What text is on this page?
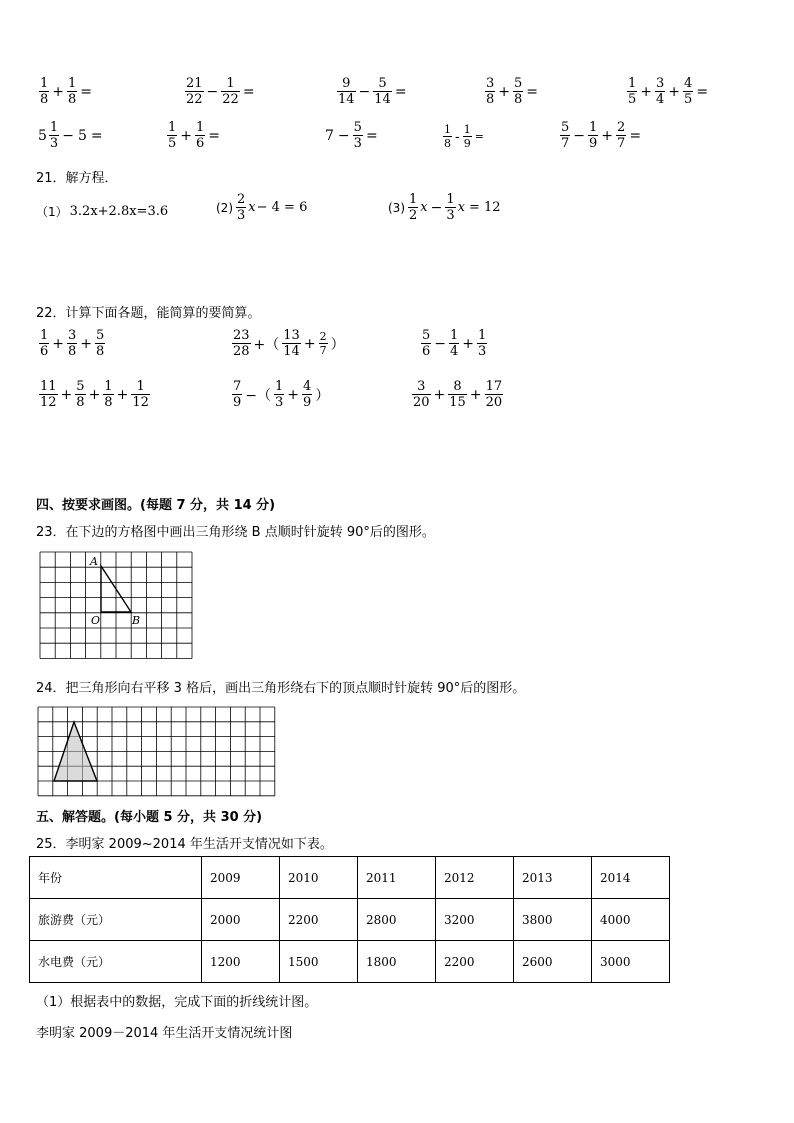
$\frac{1}{8} + \frac{1}{8}$ =	$\frac{21}{22} - \frac{1}{22}$ =	$\frac{9}{14} - \frac{5}{14}$ =	$\frac{3}{8} + \frac{5}{8}$ =	$\frac{1}{5} + \frac{3}{4} + \frac{4}{5}$ =
$5 \frac{1}{3} - 5$ =	$\frac{1}{5} + \frac{1}{6}$ =	$7 - \frac{5}{3}$ =	$\frac{1}{8} - \frac{1}{9}$ =	$\frac{5}{7} - \frac{1}{9} + \frac{2}{7}$ =
21．解方程．
（1） 3.2x+2.8x=3.6	$(2) \frac{2}{3}$ x − 4 = 6	$(3) \frac{1}{2}$ $x - \frac{1}{3}$ x = 12
22．计算下面各题，能简算的要简算。
$\frac{1}{6} + \frac{3}{8} + \frac{5}{8}$	$\frac{23}{28}$ +（ $\frac{13}{14} + \frac{2}{7}$ ）	$\frac{5}{6} - \frac{1}{4} + \frac{1}{3}$
$\frac{11}{12} + \frac{5}{8} + \frac{1}{8} + \frac{1}{12}$	$\frac{7}{9}$ −（ $\frac{1}{3} + \frac{4}{9}$ ）	$\frac{3}{20} + \frac{8}{15} + \frac{17}{20}$
四、按要求画图。(每题 7 分，共 14 分)
23．在下边的方格图中画出三角形绕 B 点顺时针旋转 90°后的图形。
A
O	B
24．把三角形向右平移 3 格后，画出三角形绕右下的顶点顺时针旋转 90°后的图形。
五、解答题。(每小题 5 分，共 30 分)
25．李明家 2009~2014 年生活开支情况如下表。
年份	2009	2010	2011	2012	2013	2014
旅游费（元）	2000	2200	2800	3200	3800	4000
水电费（元）	1200	1500	1800	2200	2600	3000
（1）根据表中的数据，完成下面的折线统计图。
李明家 2009－2014 年生活开支情况统计图
